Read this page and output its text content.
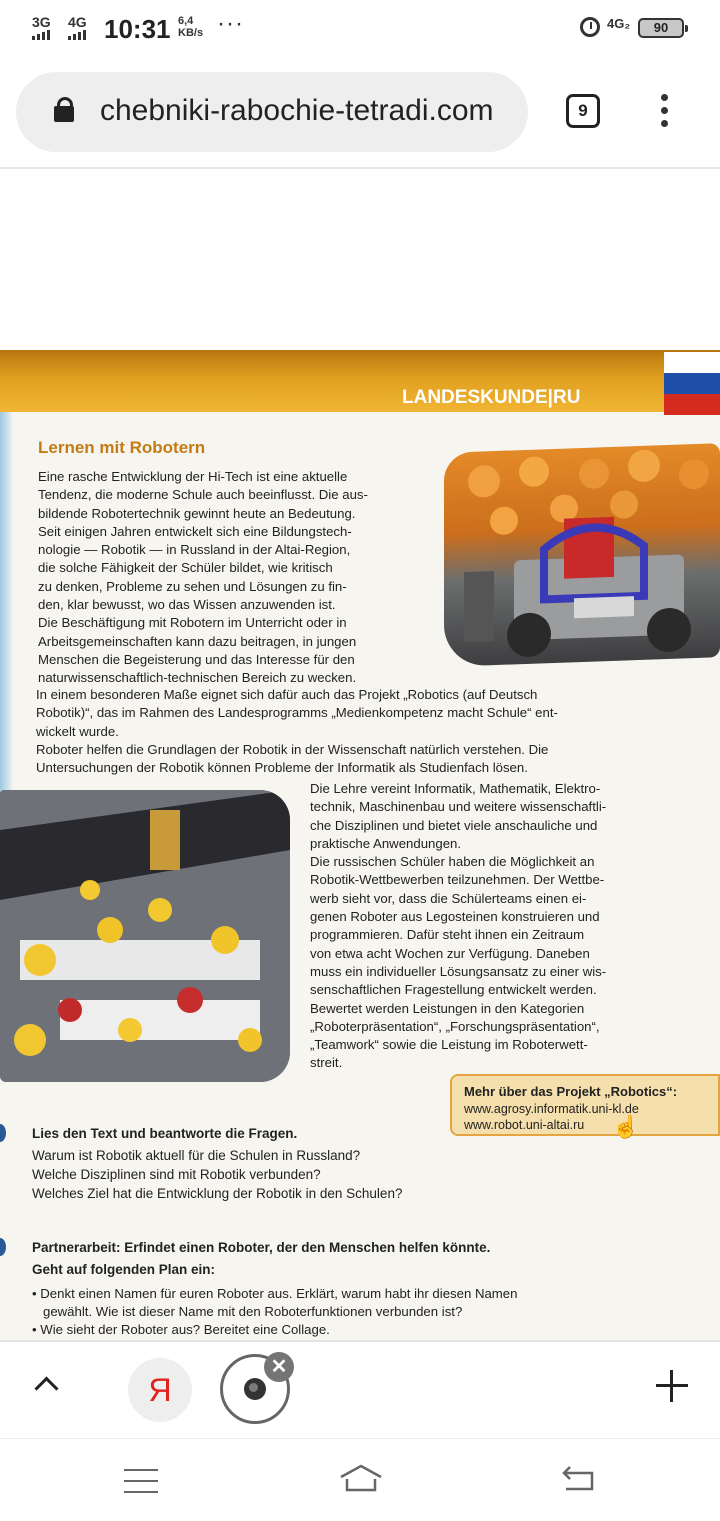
3G 4G 10:31 6,4
KB/s ···	4G₂	90
chebniki-rabochie-tetradi.com	9
LANDESKUNDE|RU
Lernen mit Robotern

Eine rasche Entwicklung der Hi-Tech ist eine aktuelle

Tendenz, die moderne Schule auch beeinflusst. Die aus-

bildende Robotertechnik gewinnt heute an Bedeutung.

Seit einigen Jahren entwickelt sich eine Bildungstech-

nologie — Robotik — in Russland in der Altai-Region,

die solche Fähigkeit der Schüler bildet, wie kritisch

zu denken, Probleme zu sehen und Lösungen zu fin-

den, klar bewusst, wo das Wissen anzuwenden ist.

Die Beschäftigung mit Robotern im Unterricht oder in

Arbeitsgemeinschaften kann dazu beitragen, in jungen

Menschen die Begeisterung und das Interesse für den

naturwissenschaftlich-technischen Bereich zu wecken.

In einem besonderen Maße eignet sich dafür auch das Projekt „Robotics (auf Deutsch

Robotik)“, das im Rahmen des Landesprogramms „Medienkompetenz macht Schule“ ent-

wickelt wurde.

Roboter helfen die Grundlagen der Robotik in der Wissenschaft natürlich verstehen. Die

Untersuchungen der Robotik können Probleme der Informatik als Studienfach lösen.

Die Lehre vereint Informatik, Mathematik, Elektro-

technik, Maschinenbau und weitere wissenschaftli-

che Disziplinen und bietet viele anschauliche und

praktische Anwendungen.

Die russischen Schüler haben die Möglichkeit an

Robotik-Wettbewerben teilzunehmen. Der Wettbe-

werb sieht vor, dass die Schülerteams einen ei-

genen Roboter aus Legosteinen konstruieren und

programmieren. Dafür steht ihnen ein Zeitraum

von etwa acht Wochen zur Verfügung. Daneben

muss ein individueller Lösungsansatz zu einer wis-

senschaftlichen Fragestellung entwickelt werden.

Bewertet werden Leistungen in den Kategorien

„Roboterpräsentation“, „Forschungspräsentation“,

„Teamwork“ sowie die Leistung im Roboterwett-

streit.

Mehr über das Projekt „Robotics“:
www.agrosy.informatik.uni-kl.de
www.robot.uni-altai.ru ☝
Lies den Text und beantworte die Fragen.
Warum ist Robotik aktuell für die Schulen in Russland?
Welche Disziplinen sind mit Robotik verbunden?
Welches Ziel hat die Entwicklung der Robotik in den Schulen?
Partnerarbeit: Erfindet einen Roboter, der den Menschen helfen könnte.
Geht auf folgenden Plan ein:
• Denkt einen Namen für euren Roboter aus. Erklärt, warum habt ihr diesen Namen
gewählt. Wie ist dieser Name mit den Roboterfunktionen verbunden ist?
• Wie sieht der Roboter aus? Bereitet eine Collage.
Я
✕
